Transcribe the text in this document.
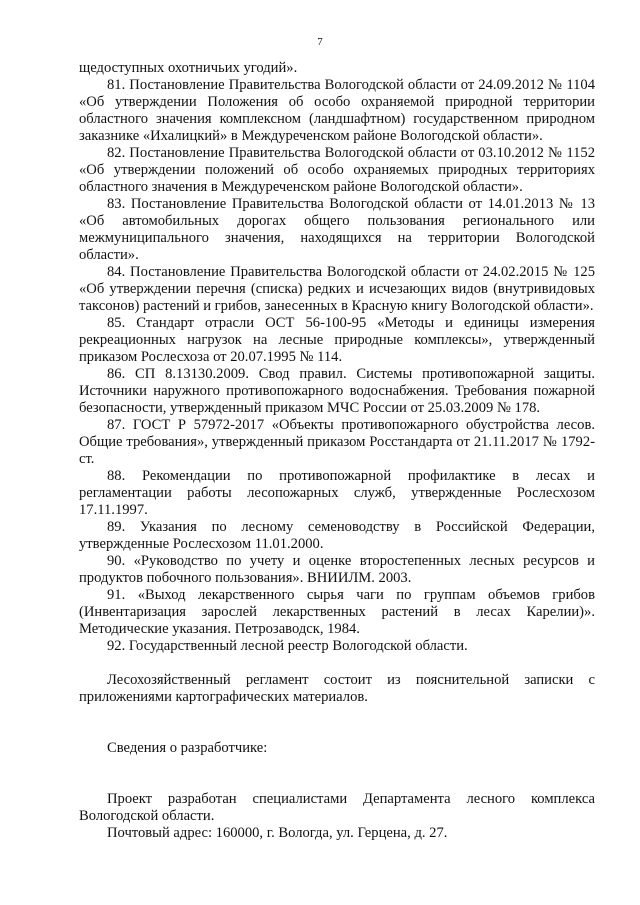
7

щедоступных охотничьих угодий».

81. Постановление Правительства Вологодской области от 24.09.2012 № 1104 «Об утверждении Положения об особо охраняемой природной территории областного значения комплексном (ландшафтном) государственном природном заказнике «Ихалицкий» в Междуреченском районе Вологодской области».

82. Постановление Правительства Вологодской области от 03.10.2012 № 1152 «Об утверждении положений об особо охраняемых природных территориях областного значения в Междуреченском районе Вологодской области».

83. Постановление Правительства Вологодской области от 14.01.2013 № 13 «Об автомобильных дорогах общего пользования регионального или межмуниципального значения, находящихся на территории Вологодской области».

84. Постановление Правительства Вологодской области от 24.02.2015 № 125 «Об утверждении перечня (списка) редких и исчезающих видов (внутривидовых таксонов) растений и грибов, занесенных в Красную книгу Вологодской области».

85. Стандарт отрасли ОСТ 56-100-95 «Методы и единицы измерения рекреационных нагрузок на лесные природные комплексы», утвержденный приказом Рослесхоза от 20.07.1995 № 114.

86. СП 8.13130.2009. Свод правил. Системы противопожарной защиты. Источники наружного противопожарного водоснабжения. Требования пожарной безопасности, утвержденный приказом МЧС России от 25.03.2009 № 178.

87. ГОСТ Р 57972-2017 «Объекты противопожарного обустройства лесов. Общие требования», утвержденный приказом Росстандарта от 21.11.2017 № 1792-ст.

88. Рекомендации по противопожарной профилактике в лесах и регламентации работы лесопожарных служб, утвержденные Рослесхозом 17.11.1997.

89. Указания по лесному семеноводству в Российской Федерации, утвержденные Рослесхозом 11.01.2000.

90. «Руководство по учету и оценке второстепенных лесных ресурсов и продуктов побочного пользования». ВНИИЛМ. 2003.

91. «Выход лекарственного сырья чаги по группам объемов грибов (Инвентаризация зарослей лекарственных растений в лесах Карелии)». Методические указания. Петрозаводск, 1984.

92. Государственный лесной реестр Вологодской области.

Лесохозяйственный регламент состоит из пояснительной записки с приложениями картографических материалов.

Сведения о разработчике:

Проект разработан специалистами Департамента лесного комплекса Вологодской области.

Почтовый адрес: 160000, г. Вологда, ул. Герцена, д. 27.
